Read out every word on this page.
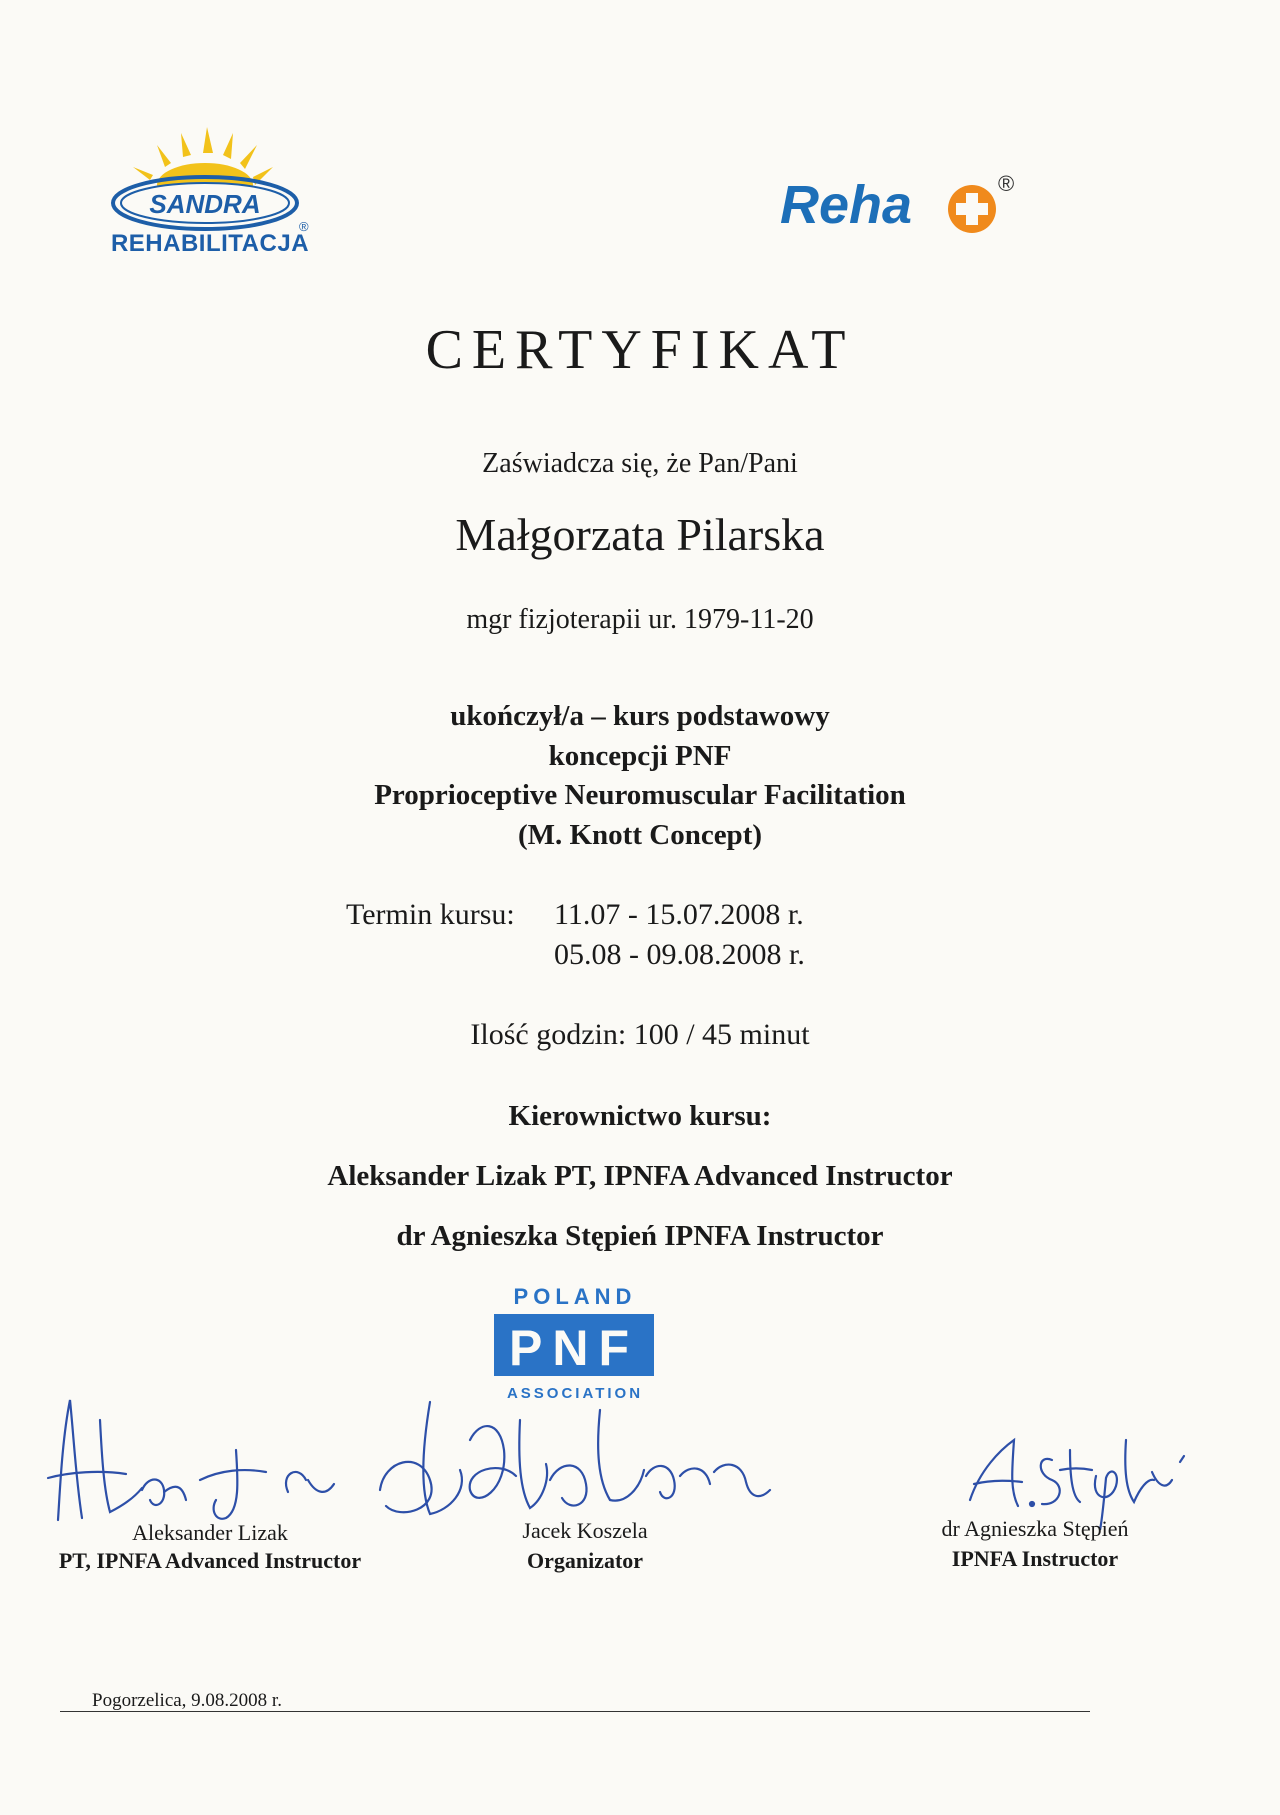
SANDRA
®
REHABILITACJA
Reha	®
CERTYFIKAT
Zaświadcza się, że Pan/Pani
Małgorzata Pilarska
mgr fizjoterapii ur. 1979-11-20
ukończył/a – kurs podstawowy
koncepcji PNF
Proprioceptive Neuromuscular Facilitation
(M. Knott Concept)
Termin kursu: 11.07 - 15.07.2008 r.
05.08 - 09.08.2008 r.
Ilość godzin: 100 / 45 minut
Kierownictwo kursu:
Aleksander Lizak PT, IPNFA Advanced Instructor
dr Agnieszka Stępień IPNFA Instructor
POLAND
PNF
ASSOCIATION
Aleksander Lizak
PT, IPNFA Advanced Instructor
Jacek Koszela
Organizator
dr Agnieszka Stępień
IPNFA Instructor
Pogorzelica, 9.08.2008 r.
